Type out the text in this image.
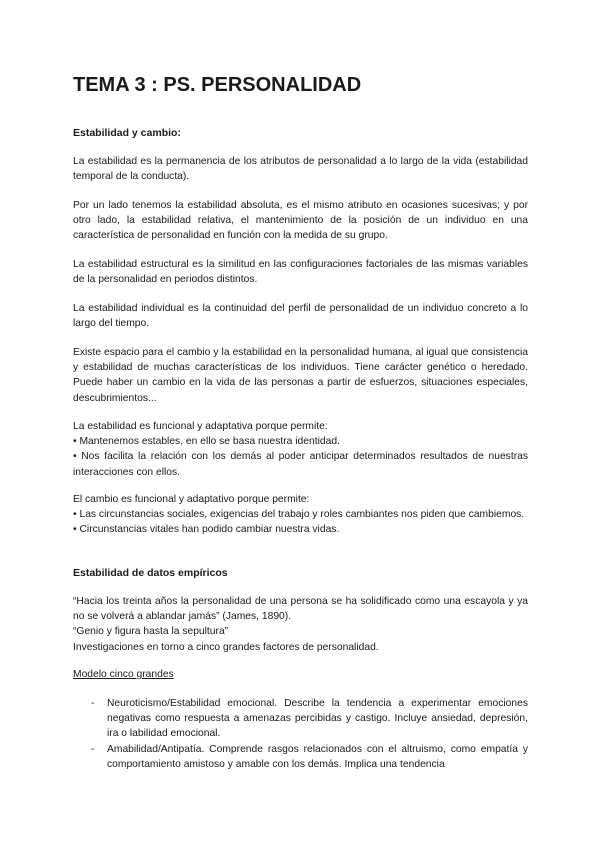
TEMA 3 : PS. PERSONALIDAD
Estabilidad y cambio:

La estabilidad es la permanencia de los atributos de personalidad a lo largo de la vida (estabilidad temporal de la conducta).

Por un lado tenemos la estabilidad absoluta, es el mismo atributo en ocasiones sucesivas; y por otro lado, la estabilidad relativa, el mantenimiento de la posición de un individuo en una característica de personalidad en función con la medida de su grupo.

La estabilidad estructural es la similitud en las configuraciones factoriales de las mismas variables de la personalidad en periodos distintos.

La estabilidad individual es la continuidad del perfil de personalidad de un individuo concreto a lo largo del tiempo.

Existe espacio para el cambio y la estabilidad en la personalidad humana, al igual que consistencia y estabilidad de muchas características de los individuos. Tiene carácter genético o heredado. Puede haber un cambio en la vida de las personas a partir de esfuerzos, situaciones especiales, descubrimientos...

La estabilidad es funcional y adaptativa porque permite:
• Mantenemos estables, en ello se basa nuestra identidad.
• Nos facilita la relación con los demás al poder anticipar determinados resultados de nuestras interacciones con ellos.
El cambio es funcional y adaptativo porque permite:
• Las circunstancias sociales, exigencias del trabajo y roles cambiantes nos piden que cambiemos.
• Circunstancias vitales han podido cambiar nuestra vidas.
Estabilidad de datos empíricos
“Hacia los treinta años la personalidad de una persona se ha solidificado como una escayola y ya no se volverá a ablandar jamás” (James, 1890).
“Genio y figura hasta la sepultura”
Investigaciones en torno a cinco grandes factores de personalidad.
Modelo cinco grandes
- Neuroticismo/Estabilidad emocional. Describe la tendencia a experimentar emociones negativas como respuesta a amenazas percibidas y castigo. Incluye ansiedad, depresión, ira o labilidad emocional.
- Amabilidad/Antipatía. Comprende rasgos relacionados con el altruismo, como empatía y comportamiento amistoso y amable con los demás. Implica una tendencia
